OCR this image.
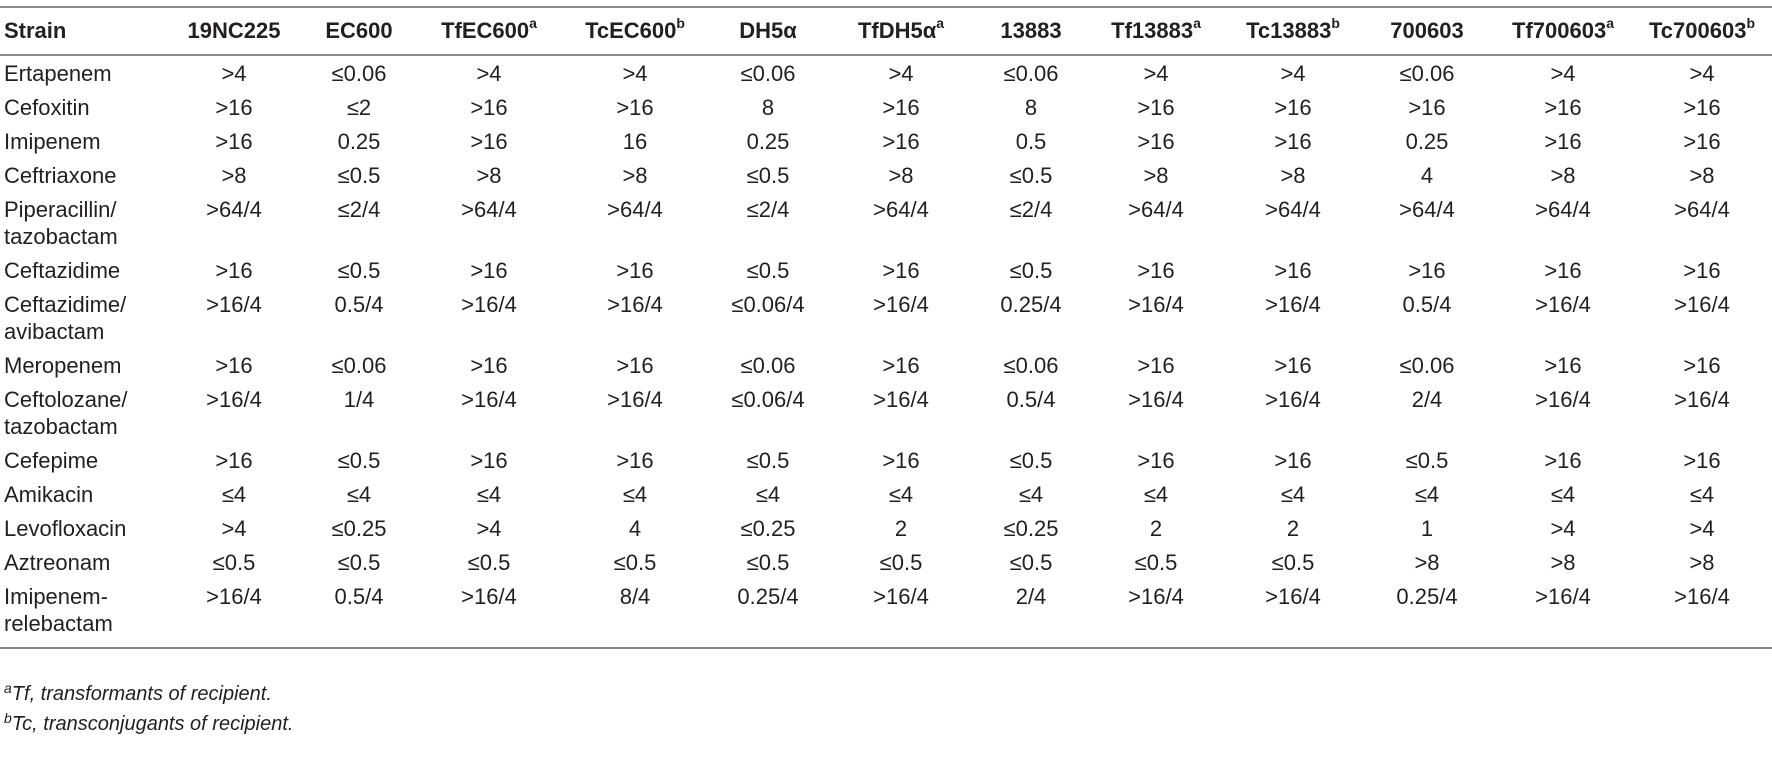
Strain	19NC225	EC600	TfEC600$^a$	TcEC600$^b$	DH5α	$TfDH5\alpha^a$	13883	Tf13883$^a$	Tc13883$^b$	700603	Tf700603$^a$	Tc700603$^b$
Ertapenem	>4	≤0.06	>4	>4	≤0.06	>4	≤0.06	>4	>4	≤0.06	>4	>4
Cefoxitin	>16	≤2	>16	>16	8	>16	8	>16	>16	>16	>16	>16
Imipenem	>16	0.25	>16	16	0.25	>16	0.5	>16	>16	0.25	>16	>16
Ceftriaxone	>8	≤0.5	>8	>8	≤0.5	>8	≤0.5	>8	>8	4	>8	>8
Piperacillin/ tazobactam	>64/4	≤2/4	>64/4	>64/4	≤2/4	>64/4	≤2/4	>64/4	>64/4	>64/4	>64/4	>64/4
Ceftazidime	>16	≤0.5	>16	>16	≤0.5	>16	≤0.5	>16	>16	>16	>16	>16
Ceftazidime/ avibactam	>16/4	0.5/4	>16/4	>16/4	≤0.06/4	>16/4	0.25/4	>16/4	>16/4	0.5/4	>16/4	>16/4
Meropenem	>16	≤0.06	>16	>16	≤0.06	>16	≤0.06	>16	>16	≤0.06	>16	>16
Ceftolozane/ tazobactam	>16/4	1/4	>16/4	>16/4	≤0.06/4	>16/4	0.5/4	>16/4	>16/4	2/4	>16/4	>16/4
Cefepime	>16	≤0.5	>16	>16	≤0.5	>16	≤0.5	>16	>16	≤0.5	>16	>16
Amikacin	≤4	≤4	≤4	≤4	≤4	≤4	≤4	≤4	≤4	≤4	≤4	≤4
Levofloxacin	>4	≤0.25	>4	4	≤0.25	2	≤0.25	2	2	1	>4	>4
Aztreonam	≤0.5	≤0.5	≤0.5	≤0.5	≤0.5	≤0.5	≤0.5	≤0.5	≤0.5	>8	>8	>8
Imipenem- relebactam	>16/4	0.5/4	>16/4	8/4	0.25/4	>16/4	2/4	>16/4	>16/4	0.25/4	>16/4	>16/4
$^a$Tf, transformants of recipient.
$^b$Tc, transconjugants of recipient.
